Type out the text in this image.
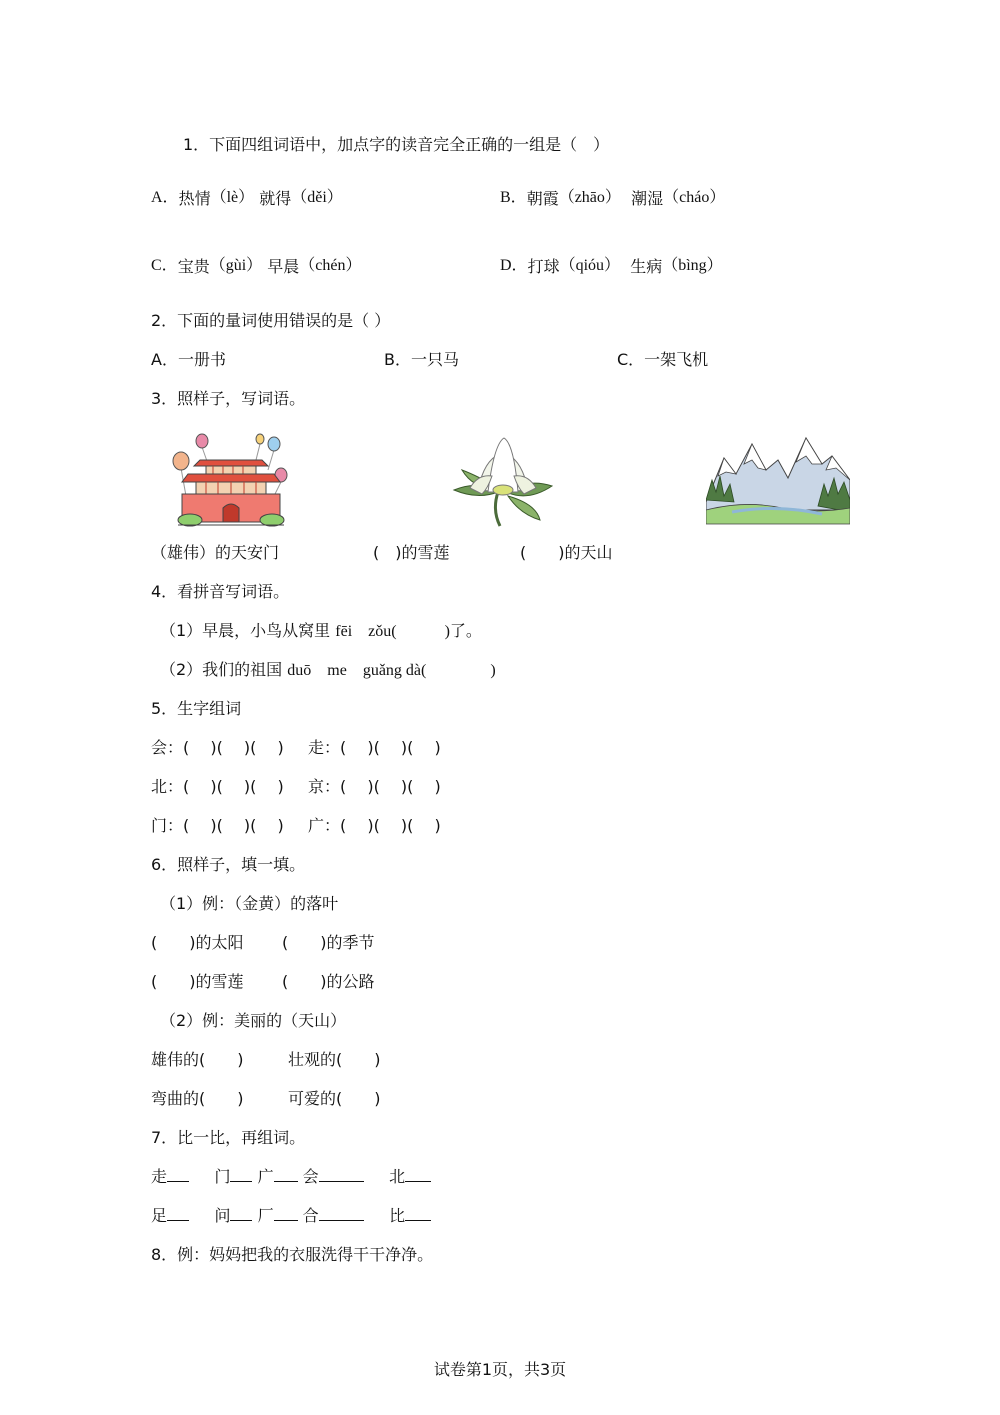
1．下面四组词语中，加点字的读音完全正确的一组是（　）
A．热情（lè） 就得（děi）	B．朝霞（zhāo） 潮湿（cháo）
C．宝贵（gùi） 早晨（chén）	D．打球（qióu） 生病（bìng）
2．下面的量词使用错误的是（ ）
A．一册书	B．一只马	C．一架飞机
3．照样子，写词语。
（雄伟）的天安门	(　)的雪莲	(　　)的天山
4．看拼音写词语。
（1）早晨，小鸟从窝里 fēi　zǒu(　　　)了。
（2）我们的祖国 duō　me　guǎng dà(　　　　)
5．生字组词
会：(　 )(　 )(　 ) 走：(　 )(　 )(　 )
北：(　 )(　 )(　 ) 京：(　 )(　 )(　 )
门：(　 )(　 )(　 ) 广：(　 )(　 )(　 )
6．照样子，填一填。
（1）例：（金黄）的落叶
(　　)的太阳 (　　)的季节
(　　)的雪莲 (　　)的公路
（2）例：美丽的（天山）
雄伟的(　　)	壮观的(　　)
弯曲的(　　)	可爱的(　　)
7．比一比，再组词。
走	门 广 会	北
足	问 厂 合	比
8．例：妈妈把我的衣服洗得干干净净。
试卷第1页，共3页
